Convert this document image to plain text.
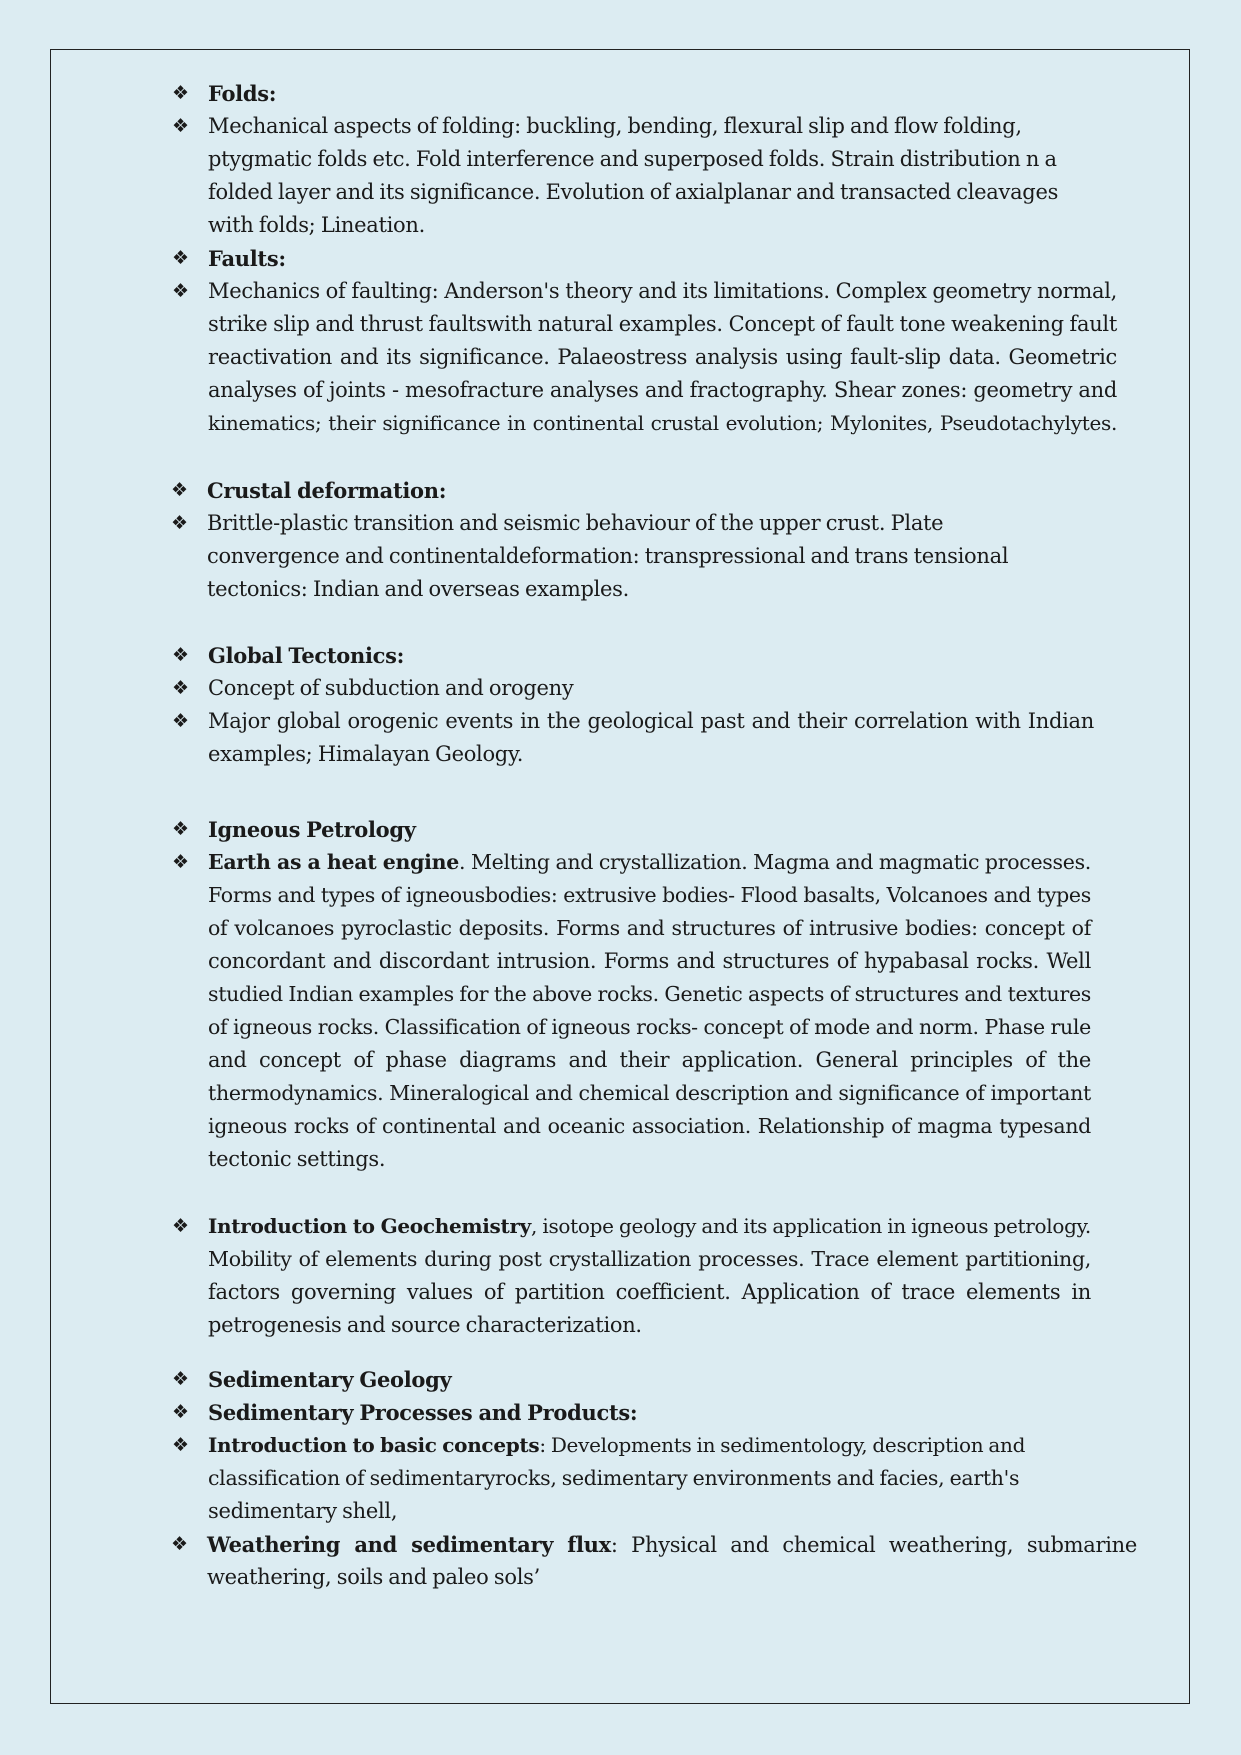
❖ Folds:
❖ Mechanical aspects of folding: buckling, bending, flexural slip and flow folding,
ptygmatic folds etc. Fold interference and superposed folds. Strain distribution n a
folded layer and its significance. Evolution of axialplanar and transacted cleavages
with folds; Lineation.
❖ Faults:
❖ Mechanics of faulting: Anderson's theory and its limitations. Complex geometry normal,
strike slip and thrust faultswith natural examples. Concept of fault tone weakening fault
reactivation and its significance. Palaeostress analysis using fault-slip data. Geometric
analyses of joints - mesofracture analyses and fractography. Shear zones: geometry and
kinematics; their significance in continental crustal evolution; Mylonites, Pseudotachylytes.
❖ Crustal deformation:
❖ Brittle-plastic transition and seismic behaviour of the upper crust. Plate
convergence and continentaldeformation: transpressional and trans tensional
tectonics: Indian and overseas examples.
❖ Global Tectonics:
❖ Concept of subduction and orogeny
❖ Major global orogenic events in the geological past and their correlation with Indian
examples; Himalayan Geology.
❖ Igneous Petrology
❖ Earth as a heat engine. Melting and crystallization. Magma and magmatic processes.
Forms and types of igneousbodies: extrusive bodies- Flood basalts, Volcanoes and types
of volcanoes pyroclastic deposits. Forms and structures of intrusive bodies: concept of
concordant and discordant intrusion. Forms and structures of hypabasal rocks. Well
studied Indian examples for the above rocks. Genetic aspects of structures and textures
of igneous rocks. Classification of igneous rocks- concept of mode and norm. Phase rule
and concept of phase diagrams and their application. General principles of the
thermodynamics. Mineralogical and chemical description and significance of important
igneous rocks of continental and oceanic association. Relationship of magma typesand
tectonic settings.
❖ Introduction to Geochemistry, isotope geology and its application in igneous petrology.
Mobility of elements during post crystallization processes. Trace element partitioning,
factors governing values of partition coefficient. Application of trace elements in
petrogenesis and source characterization.
❖ Sedimentary Geology
❖ Sedimentary Processes and Products:
❖ Introduction to basic concepts: Developments in sedimentology, description and
classification of sedimentaryrocks, sedimentary environments and facies, earth's
sedimentary shell,
❖ Weathering and sedimentary flux: Physical and chemical weathering, submarine
weathering, soils and paleo sols’
